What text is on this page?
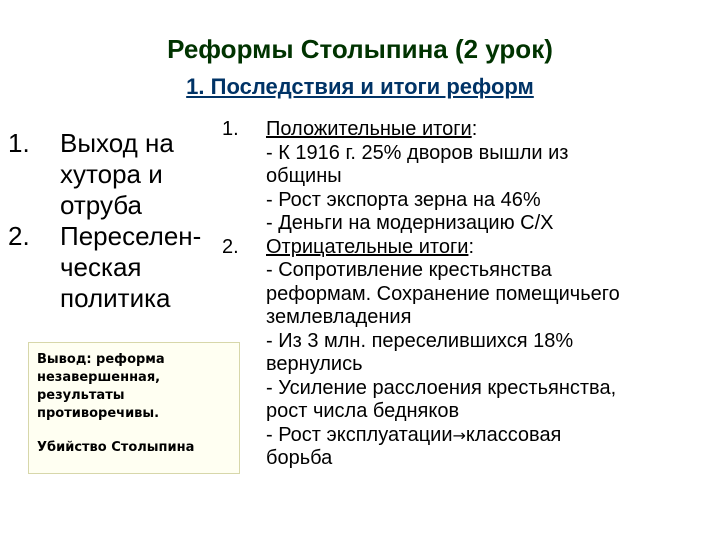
Реформы Столыпина (2 урок)
1. Последствия и итоги реформ
1. Выход на
хутора и
отруба
2. Переселен-
ческая
политика
Вывод: реформа
незавершенная,
результаты
противоречивы.
Убийство Столыпина
1. Положительные итоги:
- К 1916 г. 25% дворов вышли из
общины
- Рост экспорта зерна на 46%
- Деньги на модернизацию С/Х
2. Отрицательные итоги:
- Сопротивление крестьянства
реформам. Сохранение помещичьего
землевладения
- Из 3 млн. переселившихся 18%
вернулись
- Усиление расслоения крестьянства,
рост числа бедняков
- Рост эксплуатации→классовая
борьба
